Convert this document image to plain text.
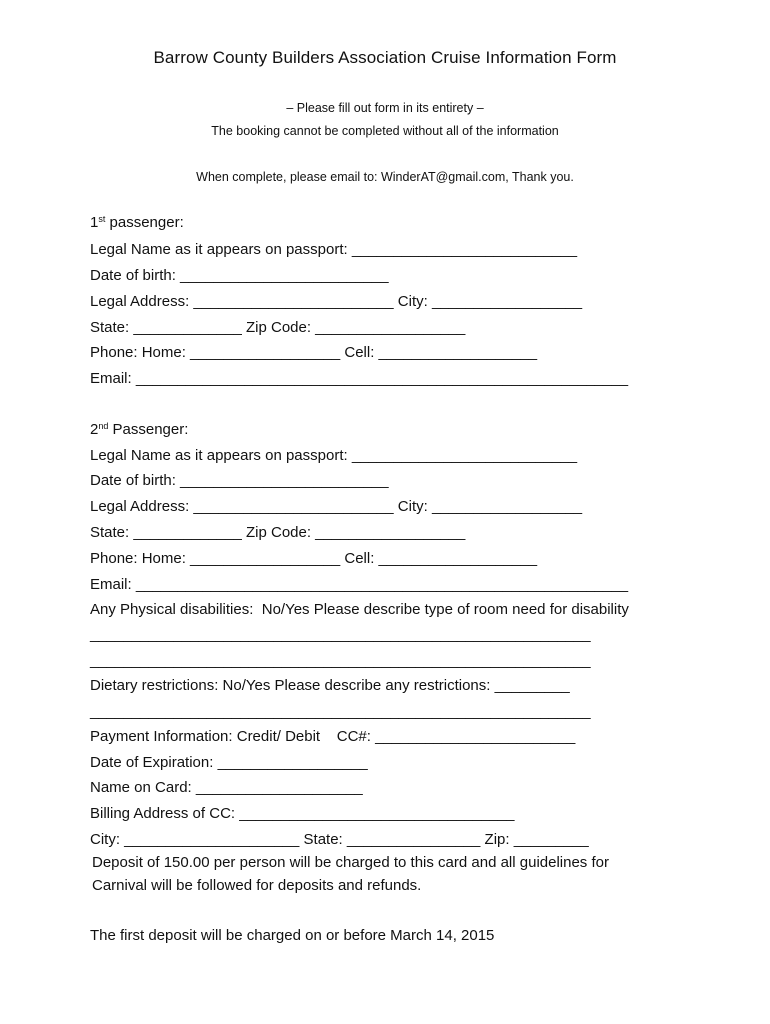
Barrow County Builders Association Cruise Information Form
– Please fill out form in its entirety –
The booking cannot be completed without all of the information
When complete, please email to: WinderAT@gmail.com, Thank you.
1st passenger:
Legal Name as it appears on passport: ___________________________
Date of birth: _________________________
Legal Address: ________________________ City: __________________
State: _____________ Zip Code: __________________
Phone: Home: __________________ Cell: ___________________
Email: ___________________________________________________________
2nd Passenger:
Legal Name as it appears on passport: ___________________________
Date of birth: _________________________
Legal Address: ________________________ City: __________________
State: _____________ Zip Code: __________________
Phone: Home: __________________ Cell: ___________________
Email: ___________________________________________________________
Any Physical disabilities:  No/Yes Please describe type of room need for disability
____________________________________________________________
____________________________________________________________
Dietary restrictions: No/Yes Please describe any restrictions: _________
____________________________________________________________
Payment Information: Credit/ Debit    CC#: ________________________
Date of Expiration: __________________
Name on Card: ____________________
Billing Address of CC: _________________________________
City: _____________________ State: ________________ Zip: _________
Deposit of 150.00 per person will be charged to this card and all guidelines for
Carnival will be followed for deposits and refunds.
The first deposit will be charged on or before March 14, 2015
